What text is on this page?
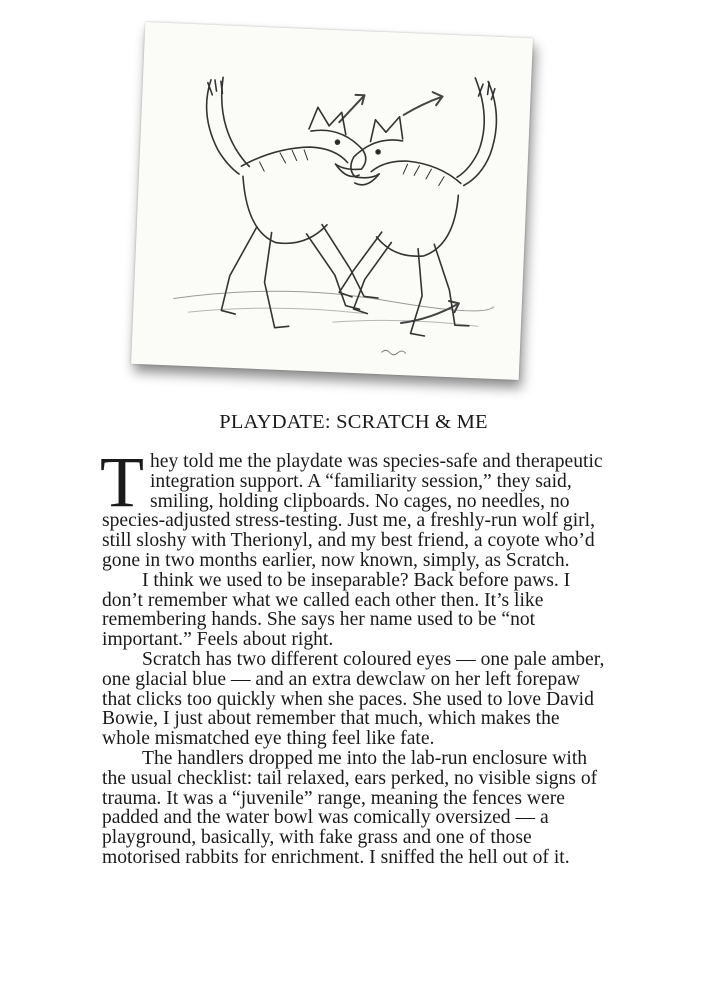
PLAYDATE: SCRATCH & ME

They told me the playdate was species-safe and therapeutic integration support. A “familiarity session,” they said, smiling, holding clipboards. No cages, no needles, no species-adjusted stress-testing. Just me, a freshly-run wolf girl, still sloshy with Therionyl, and my best friend, a coyote who’d gone in two months earlier, now known, simply, as Scratch.

I think we used to be inseparable? Back before paws. I don’t remember what we called each other then. It’s like remembering hands. She says her name used to be “not important.” Feels about right.

Scratch has two different coloured eyes — one pale amber, one glacial blue — and an extra dewclaw on her left forepaw that clicks too quickly when she paces. She used to love David Bowie, I just about remember that much, which makes the whole mismatched eye thing feel like fate.

The handlers dropped me into the lab-run enclosure with the usual checklist: tail relaxed, ears perked, no visible signs of trauma. It was a “juvenile” range, meaning the fences were padded and the water bowl was comically oversized — a playground, basically, with fake grass and one of those motorised rabbits for enrichment. I sniffed the hell out of it.
